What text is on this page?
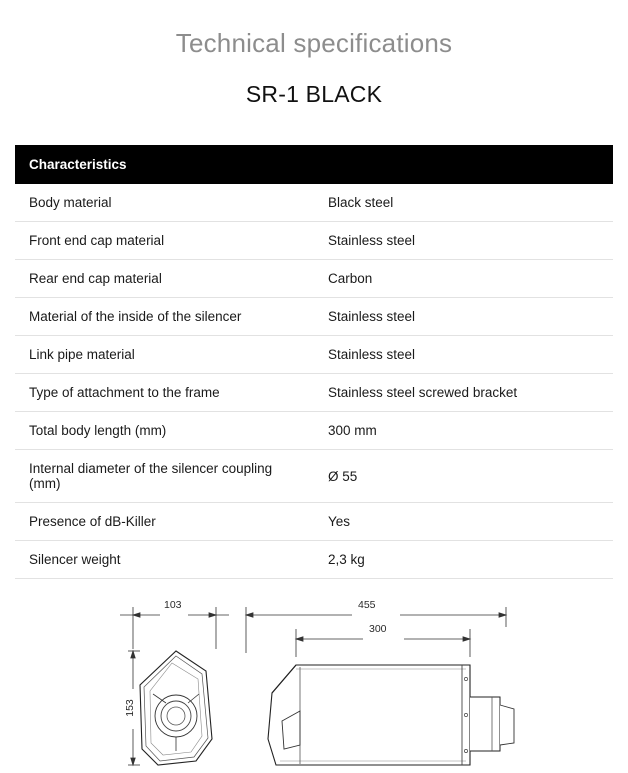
Technical specifications
SR-1 BLACK
Characteristics	
Body material	Black steel
Front end cap material	Stainless steel
Rear end cap material	Carbon
Material of the inside of the silencer	Stainless steel
Link pipe material	Stainless steel
Type of attachment to the frame	Stainless steel screwed bracket
Total body length (mm)	300 mm
Internal diameter of the silencer coupling (mm)	Ø 55
Presence of dB-Killer	Yes
Silencer weight	2,3 kg
103
153
455
300
